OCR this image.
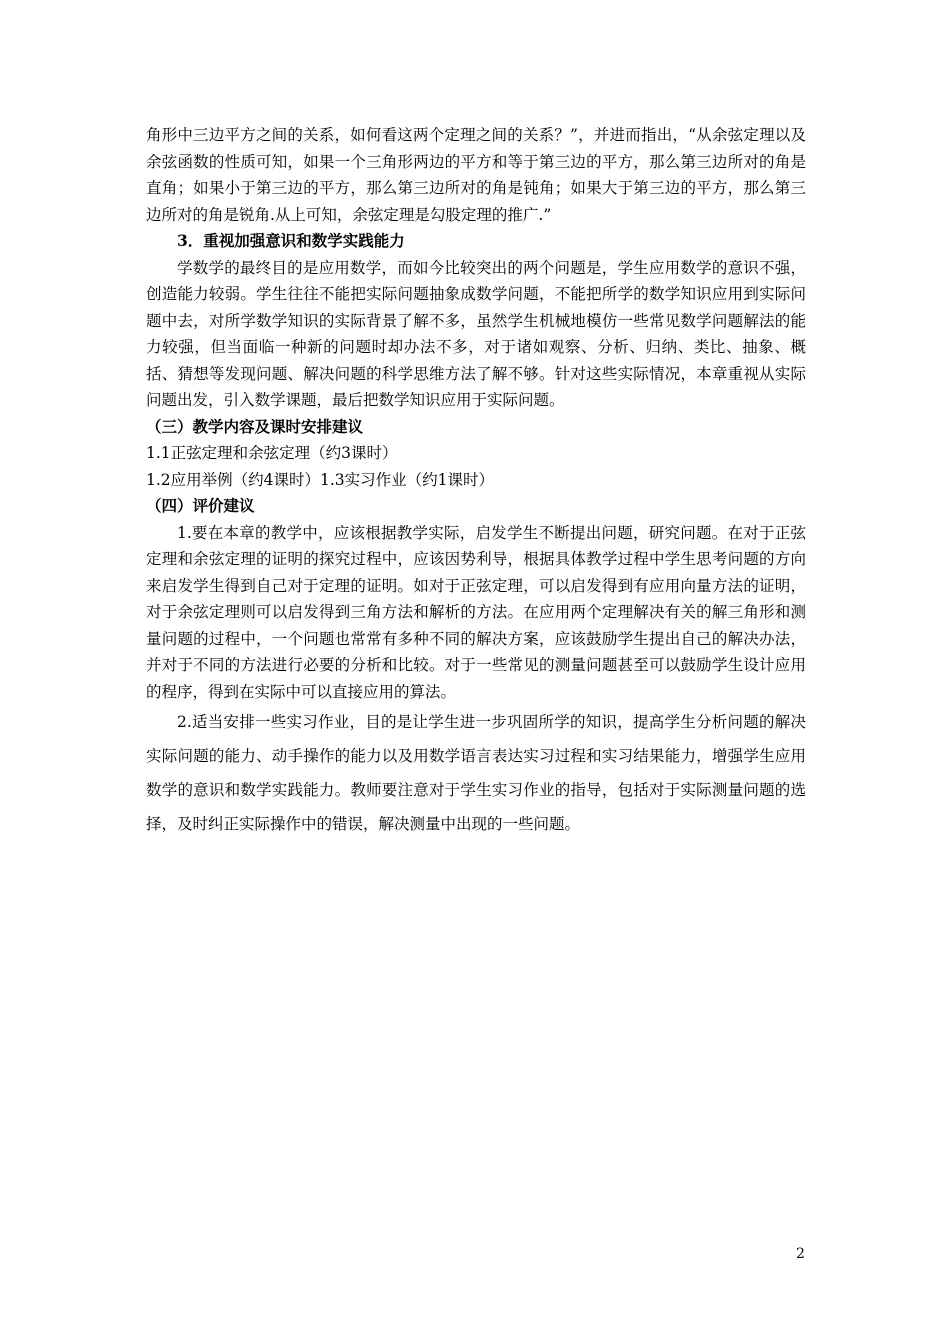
角形中三边平方之间的关系，如何看这两个定理之间的关系？”，并进而指出，“从余弦定理以及余弦函数的性质可知，如果一个三角形两边的平方和等于第三边的平方，那么第三边所对的角是直角；如果小于第三边的平方，那么第三边所对的角是钝角；如果大于第三边的平方，那么第三边所对的角是锐角.从上可知，余弦定理是勾股定理的推广.”

3．重视加强意识和数学实践能力

学数学的最终目的是应用数学，而如今比较突出的两个问题是，学生应用数学的意识不强，创造能力较弱。学生往往不能把实际问题抽象成数学问题，不能把所学的数学知识应用到实际问题中去，对所学数学知识的实际背景了解不多，虽然学生机械地模仿一些常见数学问题解法的能力较强，但当面临一种新的问题时却办法不多，对于诸如观察、分析、归纳、类比、抽象、概括、猜想等发现问题、解决问题的科学思维方法了解不够。针对这些实际情况，本章重视从实际问题出发，引入数学课题，最后把数学知识应用于实际问题。

（三）教学内容及课时安排建议

1.1正弦定理和余弦定理（约3课时）

1.2应用举例（约4课时）1.3实习作业（约1课时）

（四）评价建议

1.要在本章的教学中，应该根据教学实际，启发学生不断提出问题，研究问题。在对于正弦定理和余弦定理的证明的探究过程中，应该因势利导，根据具体教学过程中学生思考问题的方向来启发学生得到自己对于定理的证明。如对于正弦定理，可以启发得到有应用向量方法的证明，对于余弦定理则可以启发得到三角方法和解析的方法。在应用两个定理解决有关的解三角形和测量问题的过程中，一个问题也常常有多种不同的解决方案，应该鼓励学生提出自己的解决办法，并对于不同的方法进行必要的分析和比较。对于一些常见的测量问题甚至可以鼓励学生设计应用的程序，得到在实际中可以直接应用的算法。

2.适当安排一些实习作业，目的是让学生进一步巩固所学的知识，提高学生分析问题的解决实际问题的能力、动手操作的能力以及用数学语言表达实习过程和实习结果能力，增强学生应用数学的意识和数学实践能力。教师要注意对于学生实习作业的指导，包括对于实际测量问题的选择，及时纠正实际操作中的错误，解决测量中出现的一些问题。

2
